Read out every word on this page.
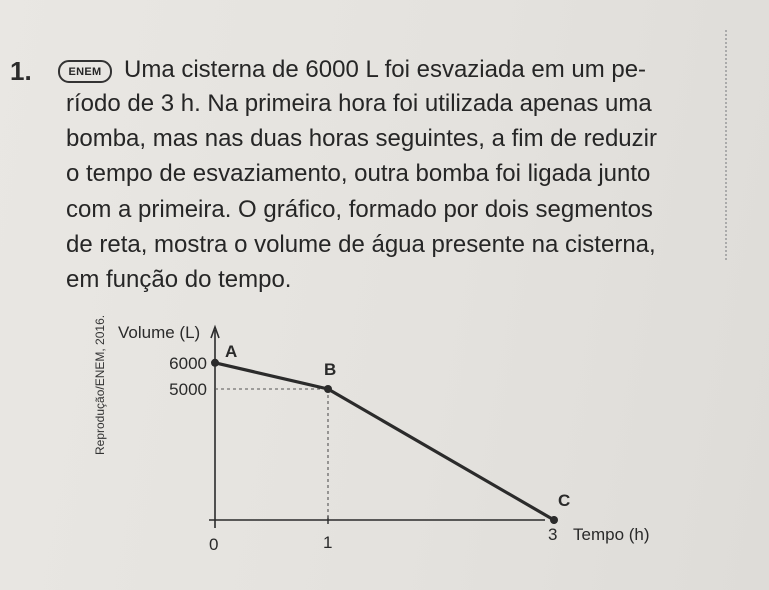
1.	ENEM Uma cisterna de 6000 L foi esvaziada em um pe-
ríodo de 3 h. Na primeira hora foi utilizada apenas uma
bomba, mas nas duas horas seguintes, a fim de reduzir
o tempo de esvaziamento, outra bomba foi ligada junto
com a primeira. O gráfico, formado por dois segmentos
de reta, mostra o volume de água presente na cisterna,
em função do tempo.
Reprodução/ENEM, 2016.	A
B
C
6000
5000
0	1	3
Volume (L)
Tempo (h)
